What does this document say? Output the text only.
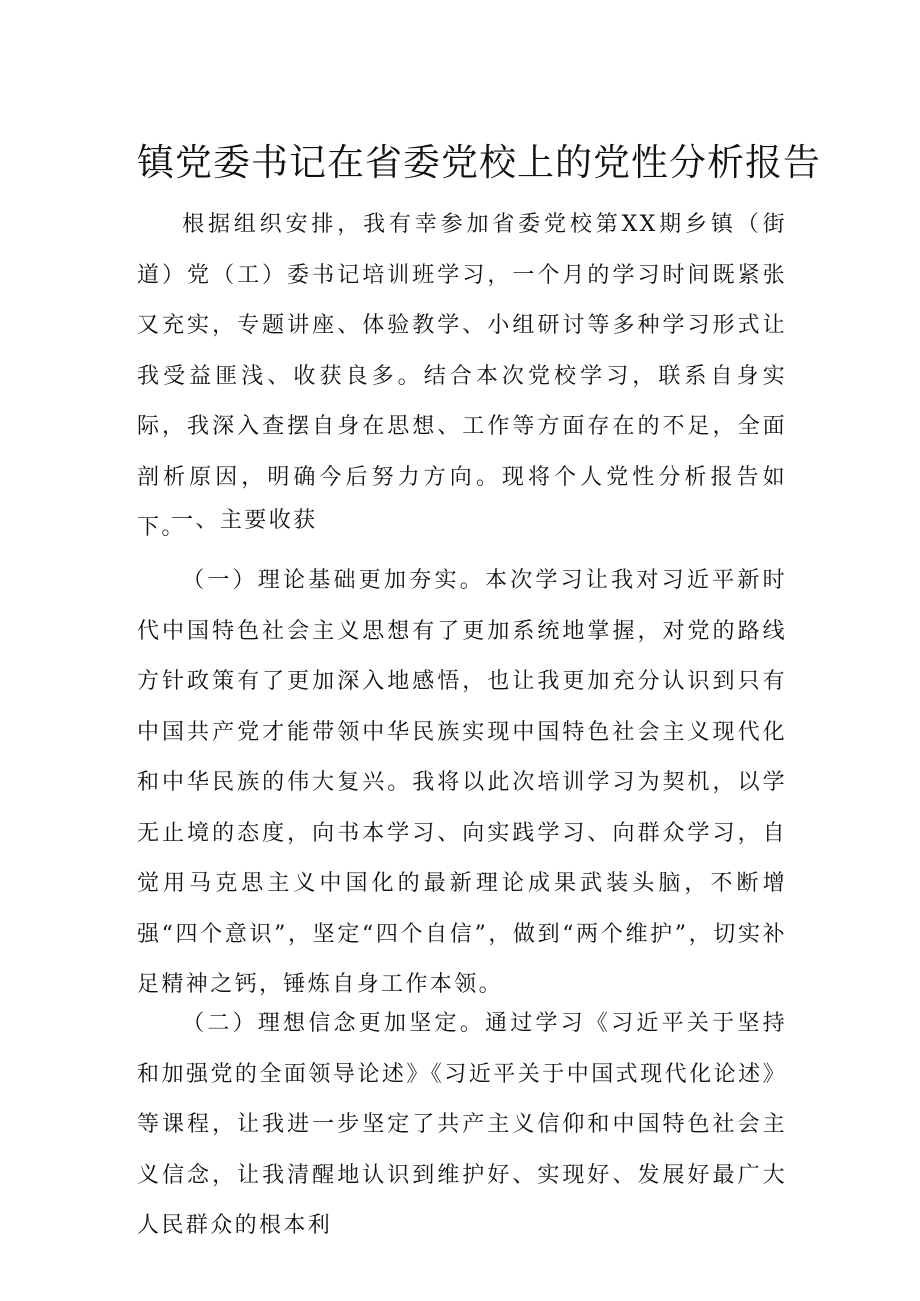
镇党委书记在省委党校上的党性分析报告

根据组织安排，我有幸参加省委党校第XX期乡镇（街道）党（工）委书记培训班学习，一个月的学习时间既紧张又充实，专题讲座、体验教学、小组研讨等多种学习形式让我受益匪浅、收获良多。结合本次党校学习，联系自身实际，我深入查摆自身在思想、工作等方面存在的不足，全面剖析原因，明确今后努力方向。现将个人党性分析报告如下。

一、主要收获

（一）理论基础更加夯实。本次学习让我对习近平新时代中国特色社会主义思想有了更加系统地掌握，对党的路线方针政策有了更加深入地感悟，也让我更加充分认识到只有中国共产党才能带领中华民族实现中国特色社会主义现代化和中华民族的伟大复兴。我将以此次培训学习为契机，以学无止境的态度，向书本学习、向实践学习、向群众学习，自觉用马克思主义中国化的最新理论成果武装头脑，不断增强“四个意识”，坚定“四个自信”，做到“两个维护”，切实补足精神之钙，锤炼自身工作本领。

（二）理想信念更加坚定。通过学习《习近平关于坚持和加强党的全面领导论述》《习近平关于中国式现代化论述》等课程，让我进一步坚定了共产主义信仰和中国特色社会主义信念，让我清醒地认识到维护好、实现好、发展好最广大人民群众的根本利
